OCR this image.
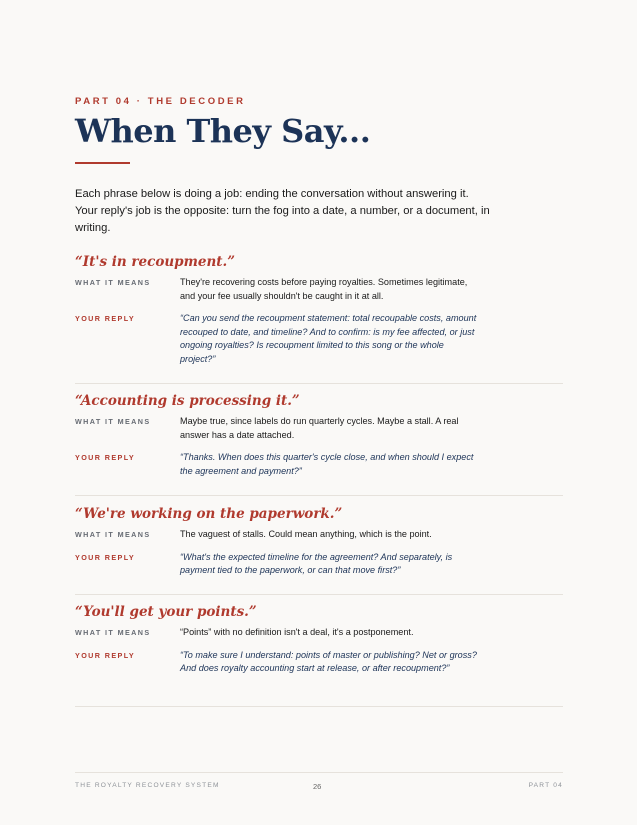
PART 04 · THE DECODER
When They Say...
Each phrase below is doing a job: ending the conversation without answering it. Your reply's job is the opposite: turn the fog into a date, a number, or a document, in writing.
“It's in recoupment.”
WHAT IT MEANS	They're recovering costs before paying royalties. Sometimes legitimate, and your fee usually shouldn't be caught in it at all.
YOUR REPLY	“Can you send the recoupment statement: total recoupable costs, amount recouped to date, and timeline? And to confirm: is my fee affected, or just ongoing royalties? Is recoupment limited to this song or the whole project?”
“Accounting is processing it.”
WHAT IT MEANS	Maybe true, since labels do run quarterly cycles. Maybe a stall. A real answer has a date attached.
YOUR REPLY	“Thanks. When does this quarter's cycle close, and when should I expect the agreement and payment?”
“We're working on the paperwork.”
WHAT IT MEANS	The vaguest of stalls. Could mean anything, which is the point.
YOUR REPLY	“What's the expected timeline for the agreement? And separately, is payment tied to the paperwork, or can that move first?”
“You'll get your points.”
WHAT IT MEANS	“Points” with no definition isn't a deal, it's a postponement.
YOUR REPLY	“To make sure I understand: points of master or publishing? Net or gross? And does royalty accounting start at release, or after recoupment?”
THE ROYALTY RECOVERY SYSTEM	26	PART 04
